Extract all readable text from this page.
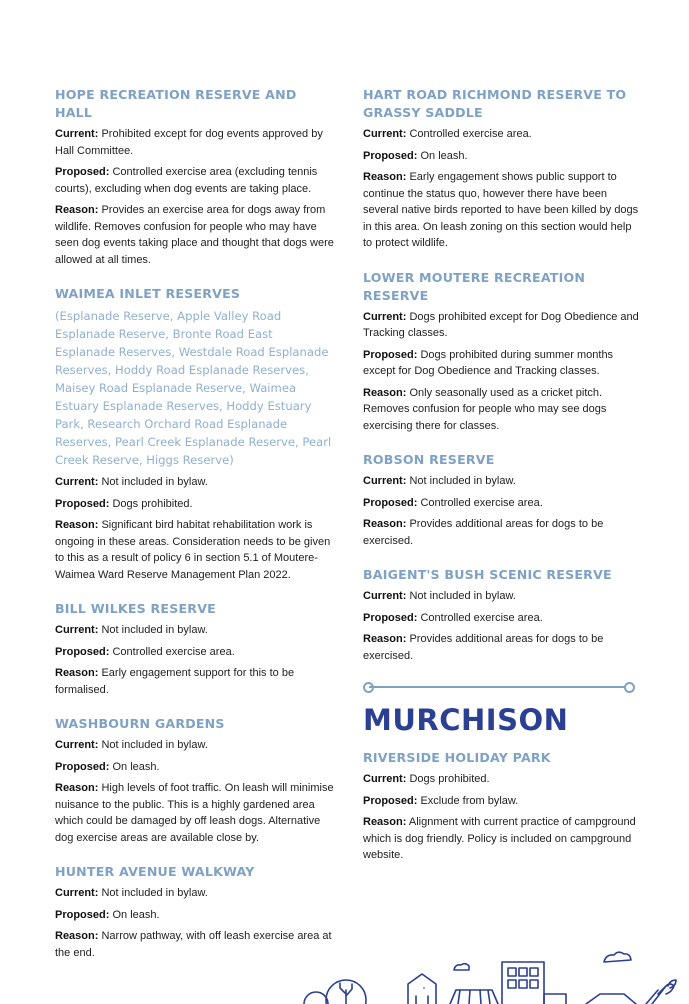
HOPE RECREATION RESERVE AND HALL
Current: Prohibited except for dog events approved by Hall Committee.
Proposed: Controlled exercise area (excluding tennis courts), excluding when dog events are taking place.
Reason: Provides an exercise area for dogs away from wildlife. Removes confusion for people who may have seen dog events taking place and thought that dogs were allowed at all times.
WAIMEA INLET RESERVES
(Esplanade Reserve, Apple Valley Road Esplanade Reserve, Bronte Road East Esplanade Reserves, Westdale Road Esplanade Reserves, Hoddy Road Esplanade Reserves, Maisey Road Esplanade Reserve, Waimea Estuary Esplanade Reserves, Hoddy Estuary Park, Research Orchard Road Esplanade Reserves, Pearl Creek Esplanade Reserve, Pearl Creek Reserve, Higgs Reserve)
Current: Not included in bylaw.
Proposed: Dogs prohibited.
Reason: Significant bird habitat rehabilitation work is ongoing in these areas. Consideration needs to be given to this as a result of policy 6 in section 5.1 of Moutere-Waimea Ward Reserve Management Plan 2022.
BILL WILKES RESERVE
Current: Not included in bylaw.
Proposed: Controlled exercise area.
Reason: Early engagement support for this to be formalised.
WASHBOURN GARDENS
Current: Not included in bylaw.
Proposed: On leash.
Reason: High levels of foot traffic. On leash will minimise nuisance to the public. This is a highly gardened area which could be damaged by off leash dogs. Alternative dog exercise areas are available close by.
HUNTER AVENUE WALKWAY
Current: Not included in bylaw.
Proposed: On leash.
Reason: Narrow pathway, with off leash exercise area at the end.
HART ROAD RICHMOND RESERVE TO GRASSY SADDLE
Current: Controlled exercise area.
Proposed: On leash.
Reason: Early engagement shows public support to continue the status quo, however there have been several native birds reported to have been killed by dogs in this area. On leash zoning on this section would help to protect wildlife.
LOWER MOUTERE RECREATION RESERVE
Current: Dogs prohibited except for Dog Obedience and Tracking classes.
Proposed: Dogs prohibited during summer months except for Dog Obedience and Tracking classes.
Reason: Only seasonally used as a cricket pitch. Removes confusion for people who may see dogs exercising there for classes.
ROBSON RESERVE
Current: Not included in bylaw.
Proposed: Controlled exercise area.
Reason: Provides additional areas for dogs to be exercised.
BAIGENT'S BUSH SCENIC RESERVE
Current: Not included in bylaw.
Proposed: Controlled exercise area.
Reason: Provides additional areas for dogs to be exercised.
MURCHISON
RIVERSIDE HOLIDAY PARK
Current: Dogs prohibited.
Proposed: Exclude from bylaw.
Reason: Alignment with current practice of campground which is dog friendly. Policy is included on campground website.
